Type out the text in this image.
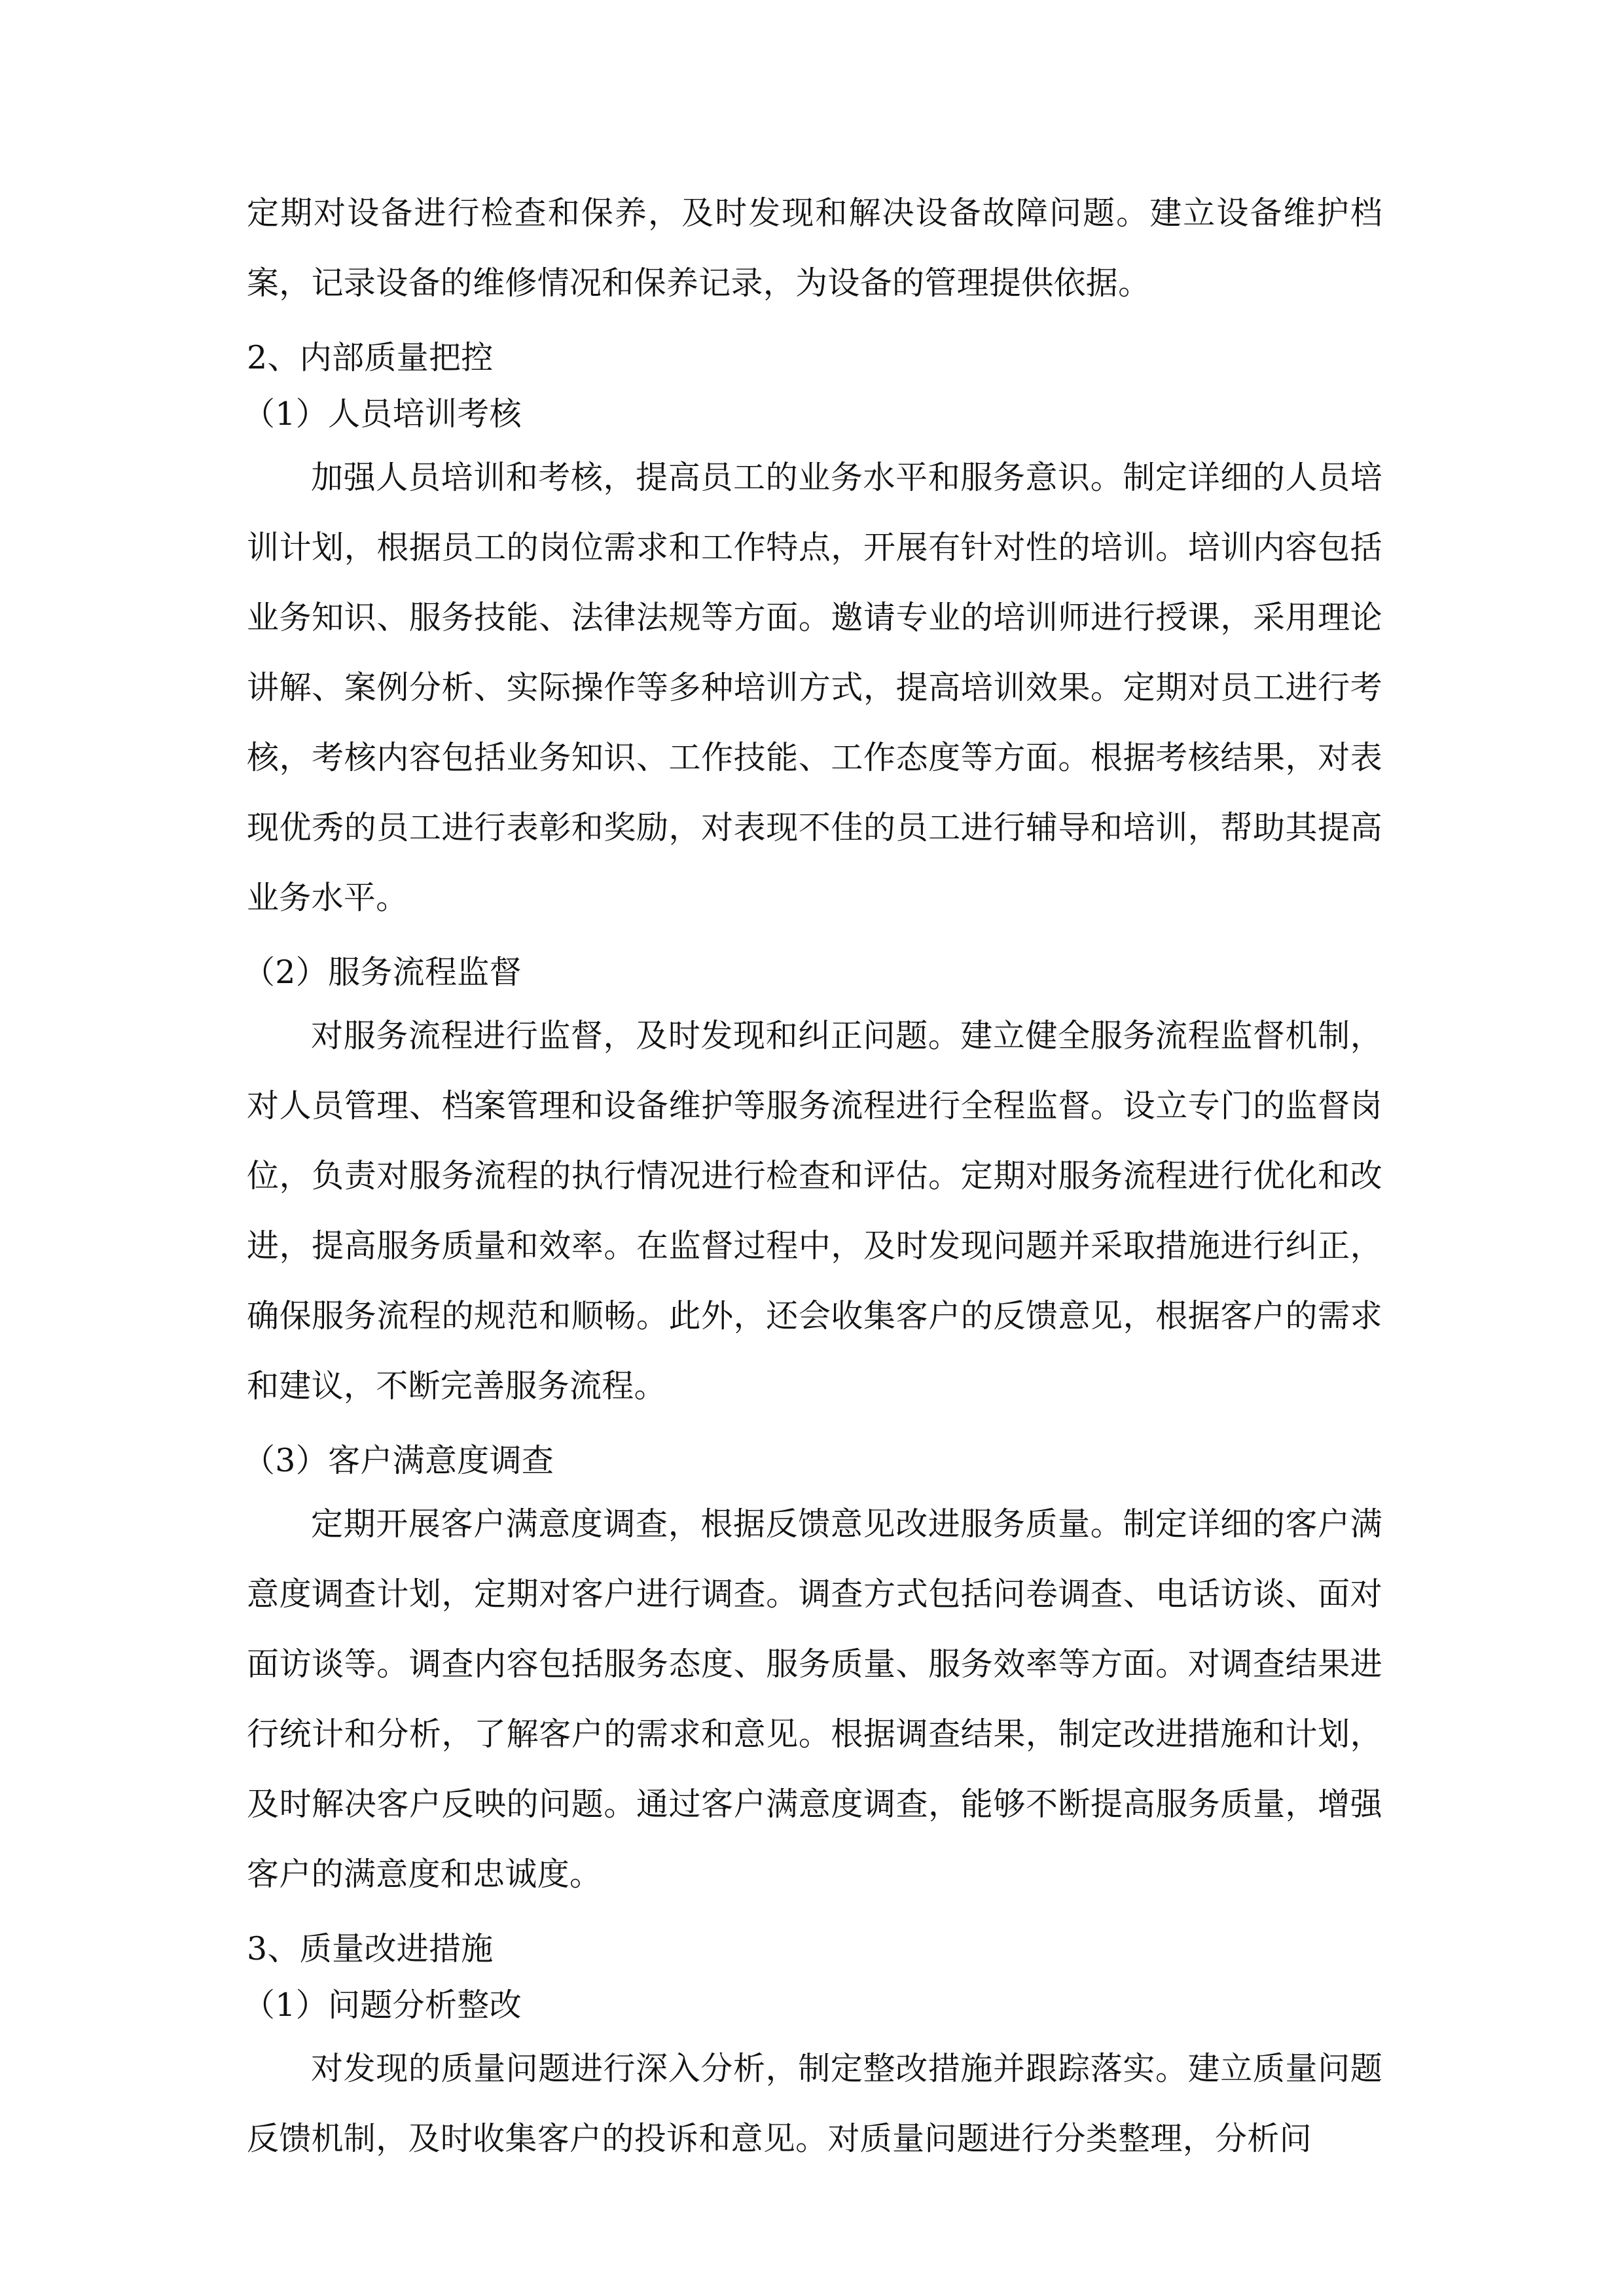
定期对设备进行检查和保养，及时发现和解决设备故障问题。建立设备维护档案，记录设备的维修情况和保养记录，为设备的管理提供依据。

2、内部质量把控
（1）人员培训考核

加强人员培训和考核，提高员工的业务水平和服务意识。制定详细的人员培训计划，根据员工的岗位需求和工作特点，开展有针对性的培训。培训内容包括业务知识、服务技能、法律法规等方面。邀请专业的培训师进行授课，采用理论讲解、案例分析、实际操作等多种培训方式，提高培训效果。定期对员工进行考核，考核内容包括业务知识、工作技能、工作态度等方面。根据考核结果，对表现优秀的员工进行表彰和奖励，对表现不佳的员工进行辅导和培训，帮助其提高业务水平。

（2）服务流程监督

对服务流程进行监督，及时发现和纠正问题。建立健全服务流程监督机制，对人员管理、档案管理和设备维护等服务流程进行全程监督。设立专门的监督岗位，负责对服务流程的执行情况进行检查和评估。定期对服务流程进行优化和改进，提高服务质量和效率。在监督过程中，及时发现问题并采取措施进行纠正，确保服务流程的规范和顺畅。此外，还会收集客户的反馈意见，根据客户的需求和建议，不断完善服务流程。

（3）客户满意度调查

定期开展客户满意度调查，根据反馈意见改进服务质量。制定详细的客户满意度调查计划，定期对客户进行调查。调查方式包括问卷调查、电话访谈、面对面访谈等。调查内容包括服务态度、服务质量、服务效率等方面。对调查结果进行统计和分析，了解客户的需求和意见。根据调查结果，制定改进措施和计划，及时解决客户反映的问题。通过客户满意度调查，能够不断提高服务质量，增强客户的满意度和忠诚度。

3、质量改进措施
（1）问题分析整改

对发现的质量问题进行深入分析，制定整改措施并跟踪落实。建立质量问题反馈机制，及时收集客户的投诉和意见。对质量问题进行分类整理，分析问
